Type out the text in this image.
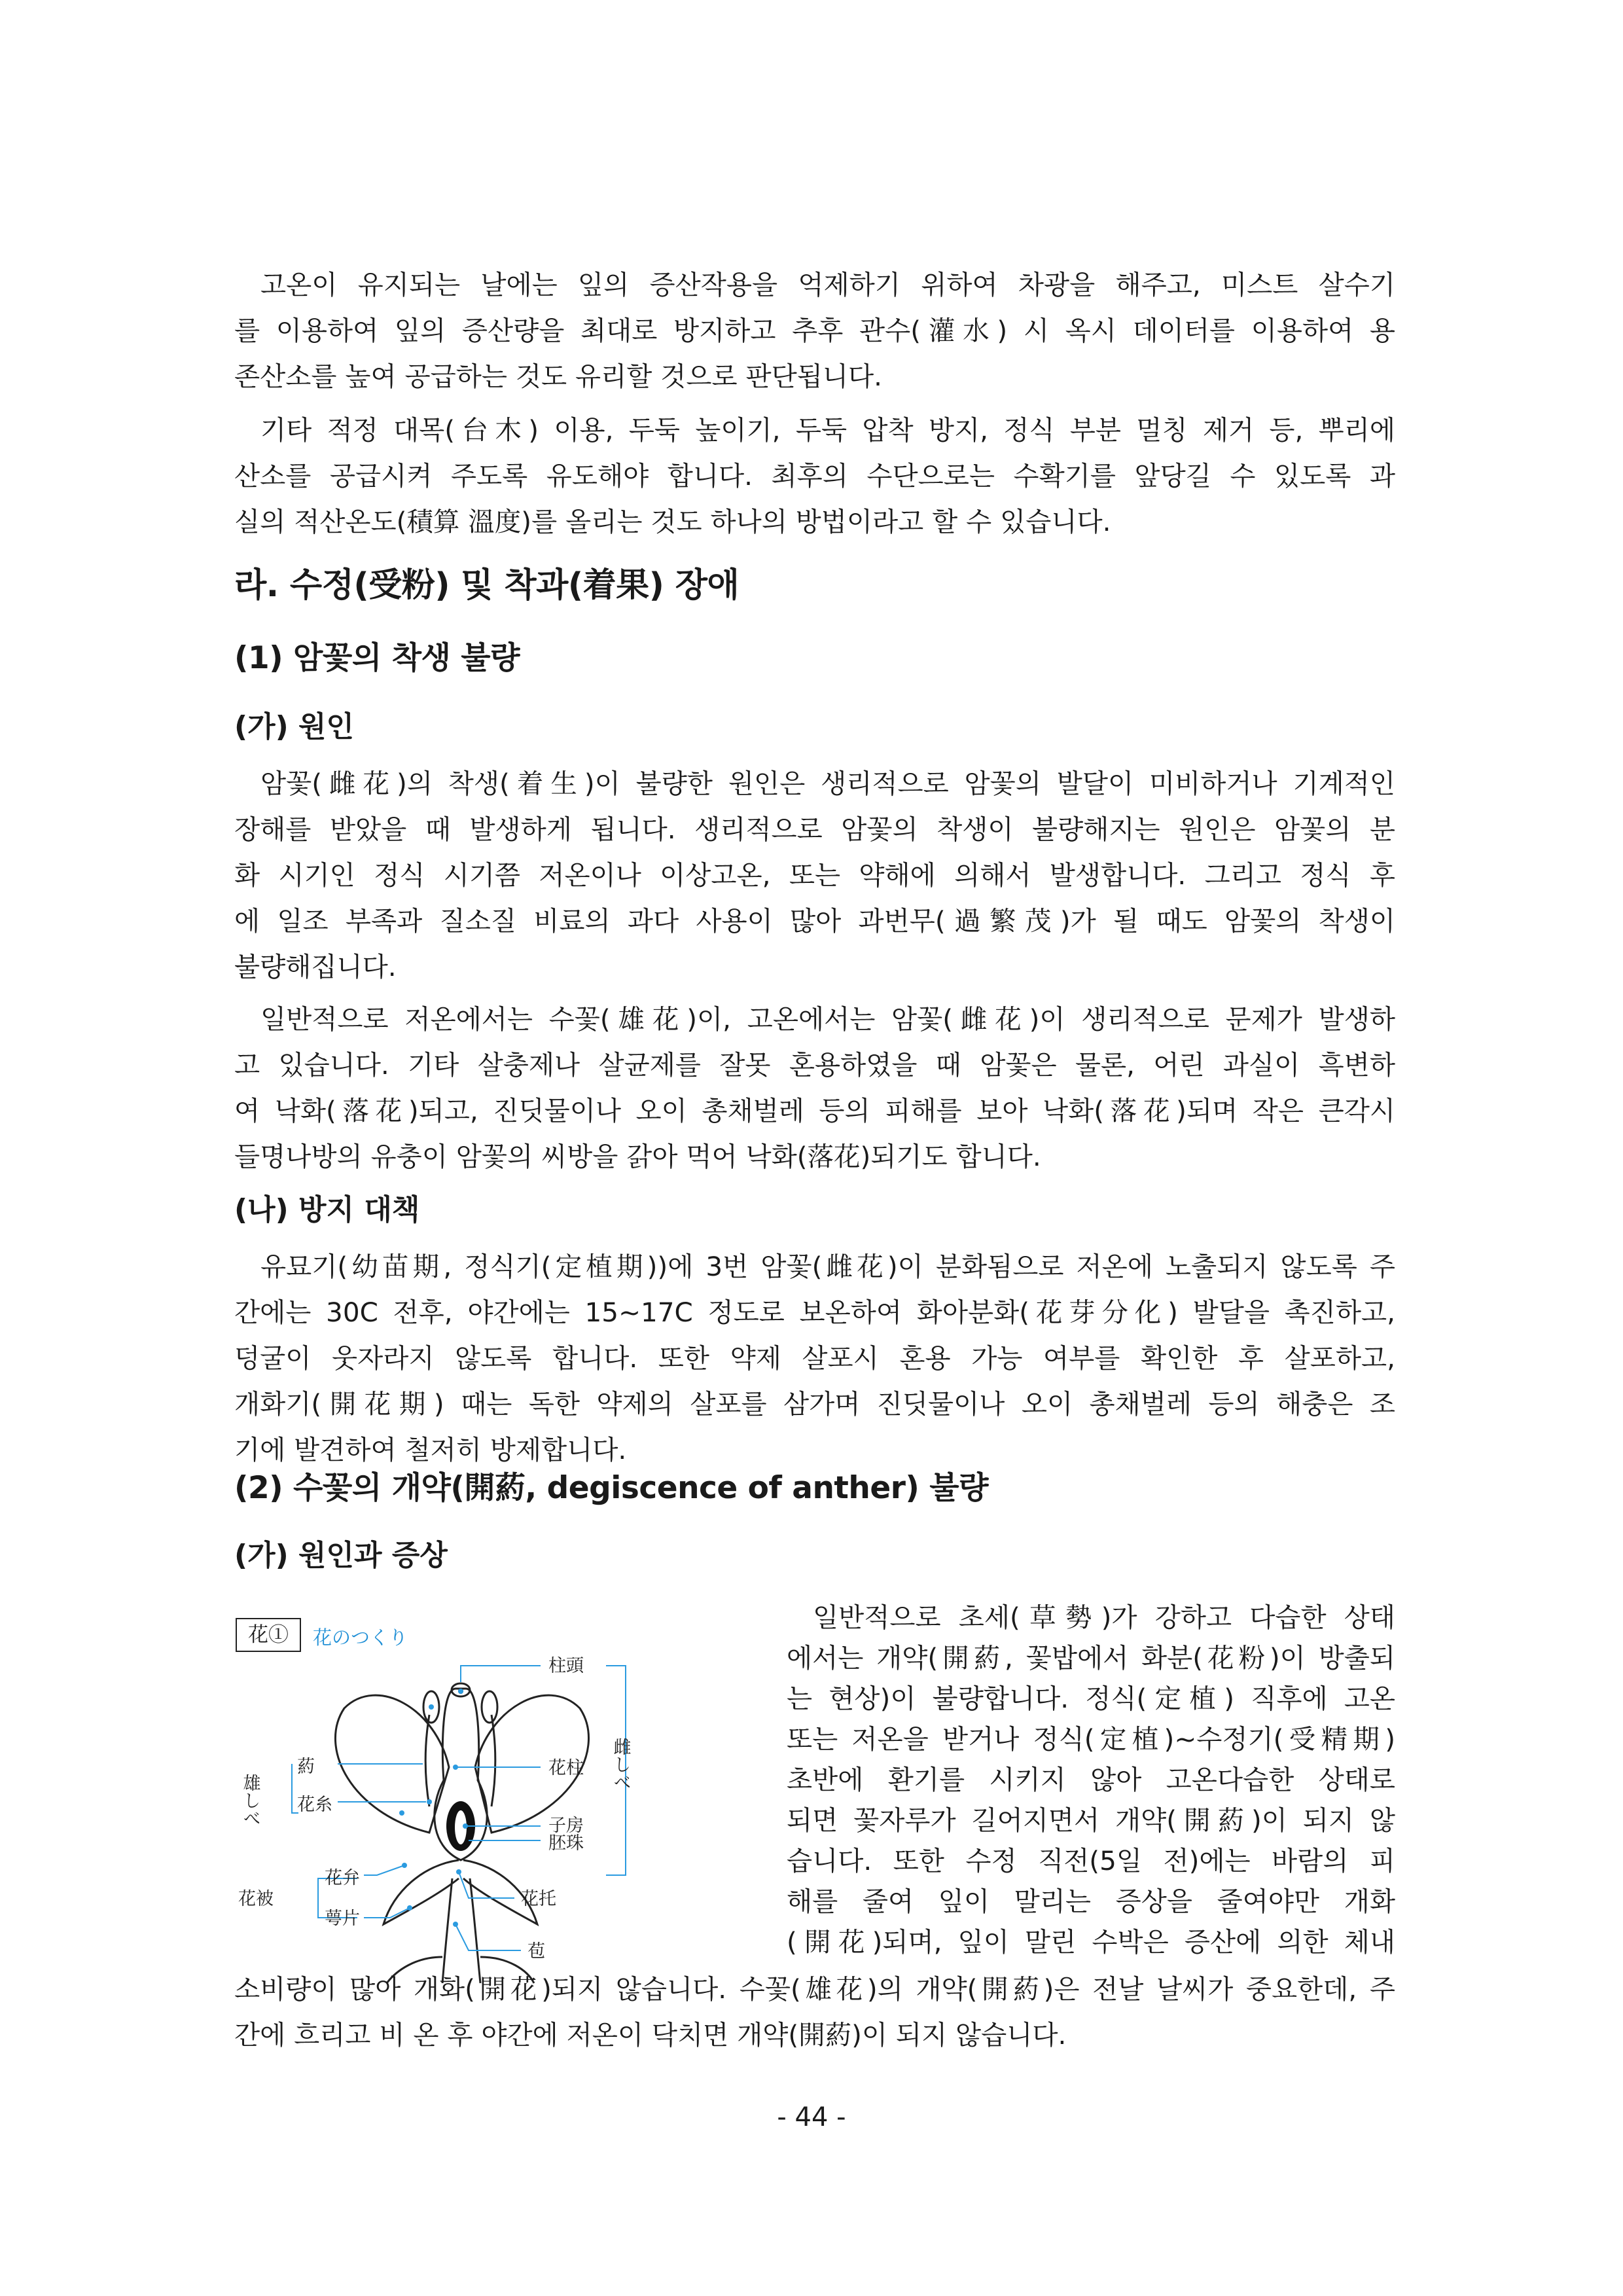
고온이 유지되는 날에는 잎의 증산작용을 억제하기 위하여 차광을 해주고, 미스트 살수기
를 이용하여 잎의 증산량을 최대로 방지하고 추후 관수(灌水) 시 옥시 데이터를 이용하여 용
존산소를 높여 공급하는 것도 유리할 것으로 판단됩니다.
기타 적정 대목(台木) 이용, 두둑 높이기, 두둑 압착 방지, 정식 부분 멀칭 제거 등, 뿌리에
산소를 공급시켜 주도록 유도해야 합니다. 최후의 수단으로는 수확기를 앞당길 수 있도록 과
실의 적산온도(積算 溫度)를 올리는 것도 하나의 방법이라고 할 수 있습니다.
라. 수정(受粉) 및 착과(着果) 장애
(1) 암꽃의 착생 불량
(가) 원인
암꽃(雌花)의 착생(着生)이 불량한 원인은 생리적으로 암꽃의 발달이 미비하거나 기계적인
장해를 받았을 때 발생하게 됩니다. 생리적으로 암꽃의 착생이 불량해지는 원인은 암꽃의 분
화 시기인 정식 시기쯤 저온이나 이상고온, 또는 약해에 의해서 발생합니다. 그리고 정식 후
에 일조 부족과 질소질 비료의 과다 사용이 많아 과번무(過繁茂)가 될 때도 암꽃의 착생이
불량해집니다.
일반적으로 저온에서는 수꽃(雄花)이, 고온에서는 암꽃(雌花)이 생리적으로 문제가 발생하
고 있습니다. 기타 살충제나 살균제를 잘못 혼용하였을 때 암꽃은 물론, 어린 과실이 흑변하
여 낙화(落花)되고, 진딧물이나 오이 총채벌레 등의 피해를 보아 낙화(落花)되며 작은 큰각시
들명나방의 유충이 암꽃의 씨방을 갉아 먹어 낙화(落花)되기도 합니다.
(나) 방지 대책
유묘기(幼苗期, 정식기(定植期))에 3번 암꽃(雌花)이 분화됨으로 저온에 노출되지 않도록 주
간에는 30C 전후, 야간에는 15~17C 정도로 보온하여 화아분화(花芽分化) 발달을 촉진하고,
덩굴이 웃자라지 않도록 합니다. 또한 약제 살포시 혼용 가능 여부를 확인한 후 살포하고,
개화기(開花期) 때는 독한 약제의 살포를 삼가며 진딧물이나 오이 총채벌레 등의 해충은 조
기에 발견하여 철저히 방제합니다.
(2) 수꽃의 개약(開葯, degiscence of anther) 불량
(가) 원인과 증상
花①	花のつくり
柱頭
雌しべ
雄しべ
葯
花糸
花柱
子房
胚珠
花被
花弁
萼片
花托
苞
일반적으로 초세(草勢)가 강하고 다습한 상태
에서는 개약(開葯, 꽃밥에서 화분(花粉)이 방출되
는 현상)이 불량합니다. 정식(定植) 직후에 고온
또는 저온을 받거나 정식(定植)~수정기(受精期)
초반에 환기를 시키지 않아 고온다습한 상태로
되면 꽃자루가 길어지면서 개약(開葯)이 되지 않
습니다. 또한 수정 직전(5일 전)에는 바람의 피
해를 줄여 잎이 말리는 증상을 줄여야만 개화
(開花)되며, 잎이 말린 수박은 증산에 의한 체내
소비량이 많아 개화(開花)되지 않습니다. 수꽃(雄花)의 개약(開葯)은 전날 날씨가 중요한데, 주
간에 흐리고 비 온 후 야간에 저온이 닥치면 개약(開葯)이 되지 않습니다.
- 44 -
